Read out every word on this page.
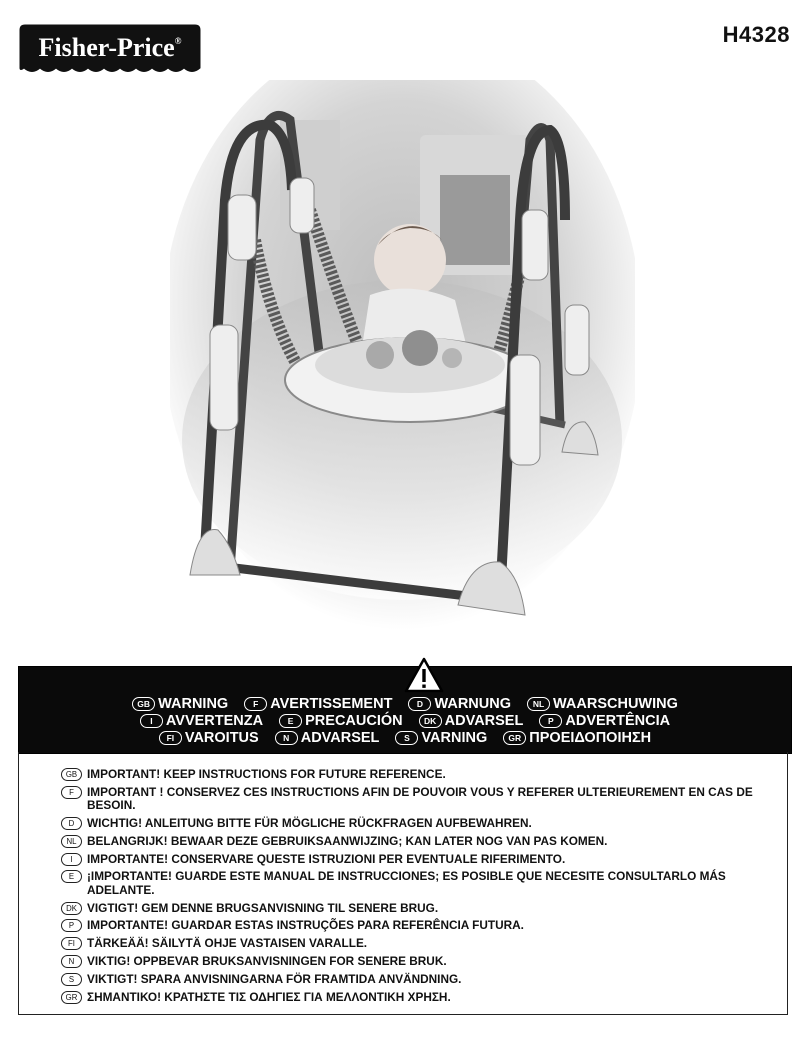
Fisher-Price®	H4328
GB WARNING	F AVERTISSEMENT	D WARNUNG	NL WAARSCHUWING
I AVVERTENZA	E PRECAUCIÓN	DK ADVARSEL	P ADVERTÊNCIA
FI VAROITUS	N ADVARSEL	S VARNING GR ΠΡΟΕΙΔΟΠΟΙΗΣΗ
GB IMPORTANT! KEEP INSTRUCTIONS FOR FUTURE REFERENCE.
F	IMPORTANT ! CONSERVEZ CES INSTRUCTIONS AFIN DE POUVOIR VOUS Y REFERER ULTERIEUREMENT EN CAS DE BESOIN.
D	WICHTIG! ANLEITUNG BITTE FÜR MÖGLICHE RÜCKFRAGEN AUFBEWAHREN.
NL BELANGRIJK! BEWAAR DEZE GEBRUIKSAANWIJZING; KAN LATER NOG VAN PAS KOMEN.
I	IMPORTANTE! CONSERVARE QUESTE ISTRUZIONI PER EVENTUALE RIFERIMENTO.
E	¡IMPORTANTE! GUARDE ESTE MANUAL DE INSTRUCCIONES; ES POSIBLE QUE NECESITE CONSULTARLO MÁS ADELANTE.
DK VIGTIGT! GEM DENNE BRUGSANVISNING TIL SENERE BRUG.
P	IMPORTANTE! GUARDAR ESTAS INSTRUÇÕES PARA REFERÊNCIA FUTURA.
FI	TÄRKEÄÄ! SÄILYTÄ OHJE VASTAISEN VARALLE.
N	VIKTIG! OPPBEVAR BRUKSANVISNINGEN FOR SENERE BRUK.
S	VIKTIGT! SPARA ANVISNINGARNA FÖR FRAMTIDA ANVÄNDNING.
GR ΣΗΜΑΝΤΙΚΟ! ΚΡΑΤΗΣΤΕ ΤΙΣ ΟΔΗΓΙΕΣ ΓΙΑ ΜΕΛΛΟΝΤΙΚΗ ΧΡΗΣΗ.
